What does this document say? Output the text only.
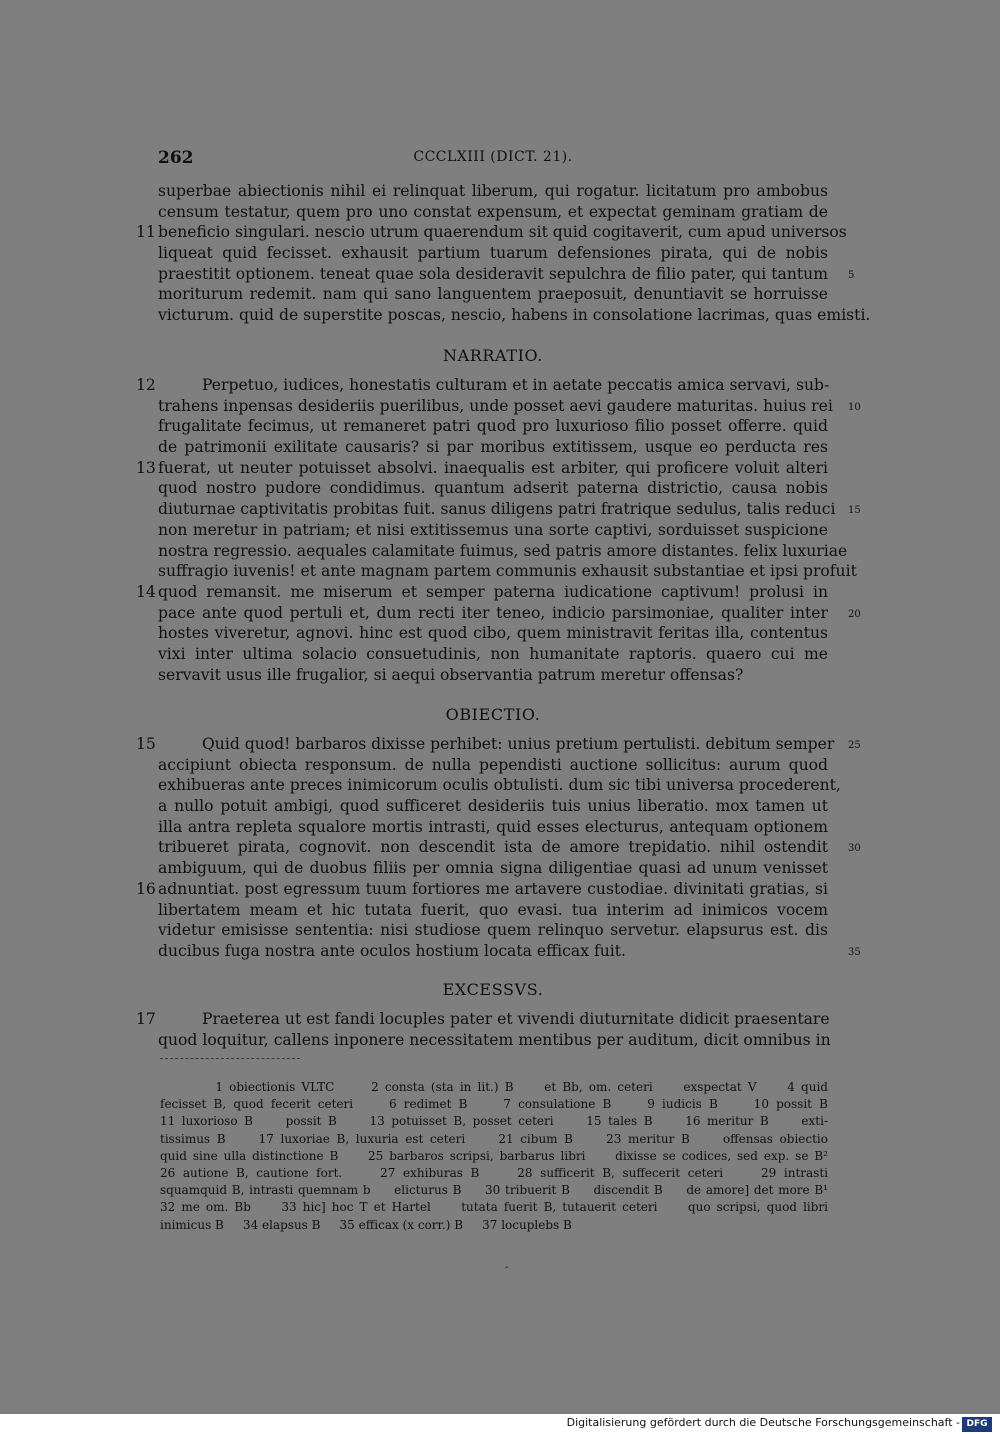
262	CCCLXIII (DICT. 21).
superbae abiectionis nihil ei relinquat liberum, qui rogatur. licitatum pro ambobus
censum testatur, quem pro uno constat expensum, et expectat geminam gratiam de
beneficio singulari. nescio utrum quaerendum sit quid cogitaverit, cum apud universos
11
liqueat quid fecisset. exhausit partium tuarum defensiones pirata, qui de nobis
praestitit optionem. teneat quae sola desideravit sepulchra de filio pater, qui tantum 5
moriturum redemit. nam qui sano languentem praeposuit, denuntiavit se horruisse
victurum. quid de superstite poscas, nescio, habens in consolatione lacrimas, quas emisti.
NARRATIO.
Perpetuo, iudices, honestatis culturam et in aetate peccatis amica servavi, sub-
12
trahens inpensas desideriis puerilibus, unde posset aevi gaudere maturitas. huius rei 10
frugalitate fecimus, ut remaneret patri quod pro luxurioso filio posset offerre. quid
de patrimonii exilitate causaris? si par moribus extitissem, usque eo perducta res
fuerat, ut neuter potuisset absolvi. inaequalis est arbiter, qui proficere voluit alteri
13
quod nostro pudore condidimus. quantum adserit paterna districtio, causa nobis
diuturnae captivitatis probitas fuit. sanus diligens patri fratrique sedulus, talis reduci 15
non meretur in patriam; et nisi extitissemus una sorte captivi, sorduisset suspicione
nostra regressio. aequales calamitate fuimus, sed patris amore distantes. felix luxuriae
suffragio iuvenis! et ante magnam partem communis exhausit substantiae et ipsi profuit
quod remansit. me miserum et semper paterna iudicatione captivum! prolusi in
14
pace ante quod pertuli et, dum recti iter teneo, indicio parsimoniae, qualiter inter 20
hostes viveretur, agnovi. hinc est quod cibo, quem ministravit feritas illa, contentus
vixi inter ultima solacio consuetudinis, non humanitate raptoris. quaero cui me
servavit usus ille frugalior, si aequi observantia patrum meretur offensas?
OBIECTIO.
Quid quod! barbaros dixisse perhibet: unius pretium pertulisti. debitum semper
15	25
accipiunt obiecta responsum. de nulla pependisti auctione sollicitus: aurum quod
exhibueras ante preces inimicorum oculis obtulisti. dum sic tibi universa procederent,
a nullo potuit ambigi, quod sufficeret desideriis tuis unius liberatio. mox tamen ut
illa antra repleta squalore mortis intrasti, quid esses electurus, antequam optionem
tribueret pirata, cognovit. non descendit ista de amore trepidatio. nihil ostendit 30
ambiguum, qui de duobus filiis per omnia signa diligentiae quasi ad unum venisset
adnuntiat. post egressum tuum fortiores me artavere custodiae. divinitati gratias, si
16
libertatem meam et hic tutata fuerit, quo evasi. tua interim ad inimicos vocem
videtur emisisse sententia: nisi studiose quem relinquo servetur. elapsurus est. dis
ducibus fuga nostra ante oculos hostium locata efficax fuit.	35
EXCESSVS.
Praeterea ut est fandi locuples pater et vivendi diuturnitate didicit praesentare
17
quod loquitur, callens inponere necessitatem mentibus per auditum, dicit omnibus in
1 obiectionis VLTC      2 consta (sta in lit.) B     et Bb, om. ceteri     exspectat V     4 quid
fecisset B, quod fecerit ceteri     6 redimet B     7 consulatione B     9 iudicis B     10 possit B
11 luxorioso B     possit B     13 potuisset B, posset ceteri     15 tales B     16 meritur B     exti-
tissimus B     17 luxoriae B, luxuria est ceteri     21 cibum B     23 meritur B     offensas obiectio
quid sine ulla distinctione B     25 barbaros scripsi, barbarus libri     dixisse se codices, sed exp. se B²
26 autione B, cautione fort.     27 exhiburas B     28 sufficerit B, suffecerit ceteri     29 intrasti
squamquid B, intrasti quemnam b     elicturus B     30 tribuerit B     discendit B     de amore] det more B¹
32 me om. Bb     33 hic] hoc T et Hartel     tutata fuerit B, tutauerit ceteri     quo scripsi, quod libri
inimicus B     34 elapsus B     35 efficax (x corr.) B     37 locuplebs B
-
Digitalisierung gefördert durch die Deutsche Forschungsgemeinschaft - DFG
